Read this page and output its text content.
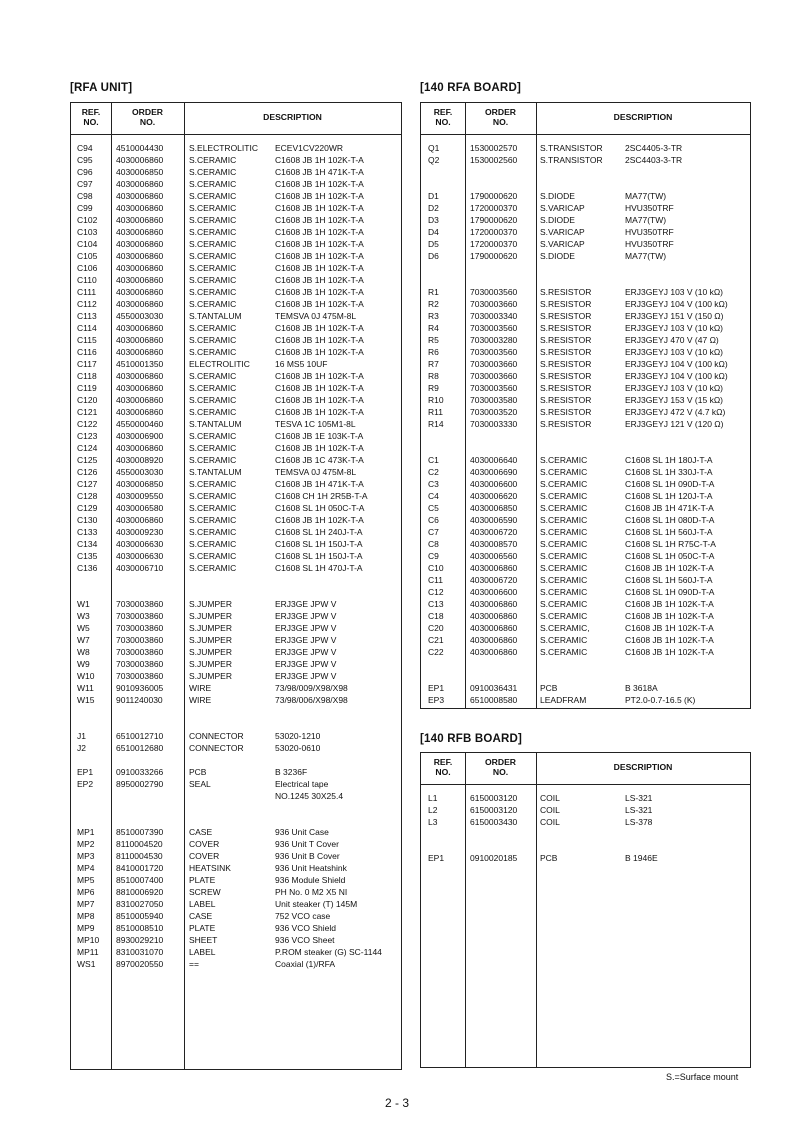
[RFA UNIT]
REF.
NO.
ORDER
NO.	DESCRIPTION
C94	4510004430	S.ELECTROLITIC ECEV1CV220WR
C95	4030006860	S.CERAMIC	C1608 JB 1H 102K-T-A
C96	4030006850	S.CERAMIC	C1608 JB 1H 471K-T-A
C97	4030006860	S.CERAMIC	C1608 JB 1H 102K-T-A
C98	4030006860	S.CERAMIC	C1608 JB 1H 102K-T-A
C99	4030006860	S.CERAMIC	C1608 JB 1H 102K-T-A
C102 4030006860	S.CERAMIC	C1608 JB 1H 102K-T-A
C103 4030006860	S.CERAMIC	C1608 JB 1H 102K-T-A
C104 4030006860	S.CERAMIC	C1608 JB 1H 102K-T-A
C105 4030006860	S.CERAMIC	C1608 JB 1H 102K-T-A
C106 4030006860	S.CERAMIC	C1608 JB 1H 102K-T-A
C110 4030006860	S.CERAMIC	C1608 JB 1H 102K-T-A
C111 4030006860	S.CERAMIC	C1608 JB 1H 102K-T-A
C112 4030006860	S.CERAMIC	C1608 JB 1H 102K-T-A
C113 4550003030	S.TANTALUM	TEMSVA 0J 475M-8L
C114 4030006860	S.CERAMIC	C1608 JB 1H 102K-T-A
C115 4030006860	S.CERAMIC	C1608 JB 1H 102K-T-A
C116 4030006860	S.CERAMIC	C1608 JB 1H 102K-T-A
C117 4510001350	ELECTROLITIC	16 MS5 10UF
C118 4030006860	S.CERAMIC	C1608 JB 1H 102K-T-A
C119 4030006860	S.CERAMIC	C1608 JB 1H 102K-T-A
C120 4030006860	S.CERAMIC	C1608 JB 1H 102K-T-A
C121 4030006860	S.CERAMIC	C1608 JB 1H 102K-T-A
C122 4550000460	S.TANTALUM	TESVA 1C 105M1-8L
C123 4030006900	S.CERAMIC	C1608 JB 1E 103K-T-A
C124 4030006860	S.CERAMIC	C1608 JB 1H 102K-T-A
C125 4030008920	S.CERAMIC	C1608 JB 1C 473K-T-A
C126 4550003030	S.TANTALUM	TEMSVA 0J 475M-8L
C127 4030006850	S.CERAMIC	C1608 JB 1H 471K-T-A
C128 4030009550	S.CERAMIC	C1608 CH 1H 2R5B-T-A
C129 4030006580	S.CERAMIC	C1608 SL 1H 050C-T-A
C130 4030006860	S.CERAMIC	C1608 JB 1H 102K-T-A
C133 4030009230	S.CERAMIC	C1608 SL 1H 240J-T-A
C134 4030006630	S.CERAMIC	C1608 SL 1H 150J-T-A
C135 4030006630	S.CERAMIC	C1608 SL 1H 150J-T-A
C136 4030006710	S.CERAMIC	C1608 SL 1H 470J-T-A
W1	7030003860	S.JUMPER	ERJ3GE JPW V
W3	7030003860	S.JUMPER	ERJ3GE JPW V
W5	7030003860	S.JUMPER	ERJ3GE JPW V
W7	7030003860	S.JUMPER	ERJ3GE JPW V
W8	7030003860	S.JUMPER	ERJ3GE JPW V
W9	7030003860	S.JUMPER	ERJ3GE JPW V
W10	7030003860	S.JUMPER	ERJ3GE JPW V
W11	9010936005	WIRE	73/98/009/X98/X98
W15	9011240030	WIRE	73/98/006/X98/X98
J1	6510012710	CONNECTOR	53020-1210
J2	6510012680	CONNECTOR	53020-0610
EP1	0910033266	PCB	B 3236F
EP2	8950002790	SEAL	Electrical tape
NO.1245 30X25.4
MP1	8510007390	CASE	936 Unit Case
MP2	8110004520	COVER	936 Unit T Cover
MP3	8110004530	COVER	936 Unit B Cover
MP4	8410001720	HEATSINK	936 Unit Heatshink
MP5	8510007400	PLATE	936 Module Shield
MP6	8810006920	SCREW	PH No. 0 M2 X5 NI
MP7	8310027050	LABEL	Unit steaker (T) 145M
MP8	8510005940	CASE	752 VCO case
MP9	8510008510	PLATE	936 VCO Shield
MP10 8930029210	SHEET	936 VCO Sheet
MP11 8310031070	LABEL	P.ROM steaker (G) SC-1144
WS1 8970020550	==	Coaxial (1)/RFA
[140 RFA BOARD]
REF.
NO.
ORDER
NO.	DESCRIPTION
Q1	1530002570	S.TRANSISTOR	2SC4405-3-TR
Q2	1530002560	S.TRANSISTOR	2SC4403-3-TR
D1	1790000620	S.DIODE	MA77(TW)
D2	1720000370	S.VARICAP	HVU350TRF
D3	1790000620	S.DIODE	MA77(TW)
D4	1720000370	S.VARICAP	HVU350TRF
D5	1720000370	S.VARICAP	HVU350TRF
D6	1790000620	S.DIODE	MA77(TW)
R1	7030003560	S.RESISTOR	ERJ3GEYJ 103 V (10 kΩ)
R2	7030003660	S.RESISTOR	ERJ3GEYJ 104 V (100 kΩ)
R3	7030003340	S.RESISTOR	ERJ3GEYJ 151 V (150 Ω)
R4	7030003560	S.RESISTOR	ERJ3GEYJ 103 V (10 kΩ)
R5	7030003280	S.RESISTOR	ERJ3GEYJ 470 V (47 Ω)
R6	7030003560	S.RESISTOR	ERJ3GEYJ 103 V (10 kΩ)
R7	7030003660	S.RESISTOR	ERJ3GEYJ 104 V (100 kΩ)
R8	7030003660	S.RESISTOR	ERJ3GEYJ 104 V (100 kΩ)
R9	7030003560	S.RESISTOR	ERJ3GEYJ 103 V (10 kΩ)
R10	7030003580	S.RESISTOR	ERJ3GEYJ 153 V (15 kΩ)
R11	7030003520	S.RESISTOR	ERJ3GEYJ 472 V (4.7 kΩ)
R14	7030003330	S.RESISTOR	ERJ3GEYJ 121 V (120 Ω)
C1	4030006640	S.CERAMIC	C1608 SL 1H 180J-T-A
C2	4030006690	S.CERAMIC	C1608 SL 1H 330J-T-A
C3	4030006600	S.CERAMIC	C1608 SL 1H 090D-T-A
C4	4030006620	S.CERAMIC	C1608 SL 1H 120J-T-A
C5	4030006850	S.CERAMIC	C1608 JB 1H 471K-T-A
C6	4030006590	S.CERAMIC	C1608 SL 1H 080D-T-A
C7	4030006720	S.CERAMIC	C1608 SL 1H 560J-T-A
C8	4030008570	S.CERAMIC	C1608 SL 1H R75C-T-A
C9	4030006560	S.CERAMIC	C1608 SL 1H 050C-T-A
C10	4030006860	S.CERAMIC	C1608 JB 1H 102K-T-A
C11	4030006720	S.CERAMIC	C1608 SL 1H 560J-T-A
C12	4030006600	S.CERAMIC	C1608 SL 1H 090D-T-A
C13	4030006860	S.CERAMIC	C1608 JB 1H 102K-T-A
C18	4030006860	S.CERAMIC	C1608 JB 1H 102K-T-A
C20	4030006860	S.CERAMIC,	C1608 JB 1H 102K-T-A
C21	4030006860	S.CERAMIC	C1608 JB 1H 102K-T-A
C22	4030006860	S.CERAMIC	C1608 JB 1H 102K-T-A
EP1	0910036431	PCB	B 3618A
EP3	6510008580	LEADFRAM	PT2.0-0.7-16.5 (K)
[140 RFB BOARD]
REF.
NO.
ORDER
NO.	DESCRIPTION
L1	6150003120	COIL	LS-321
L2	6150003120	COIL	LS-321
L3	6150003430	COIL	LS-378
EP1	0910020185	PCB	B 1946E
S.=Surface mount
2 - 3
